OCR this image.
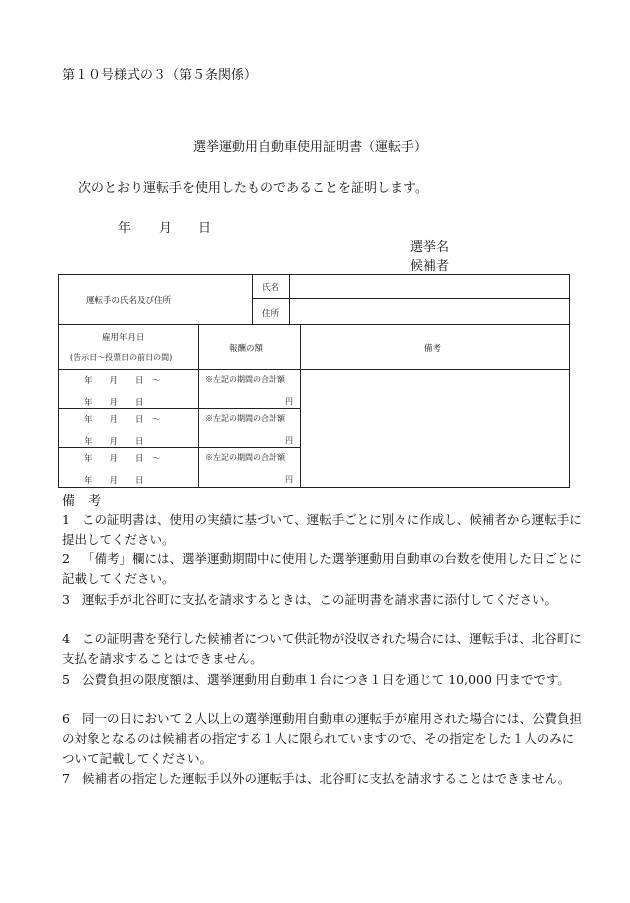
第１０号様式の３（第５条関係）
選挙運動用自動車使用証明書（運転手）
次のとおり運転手を使用したものであることを証明します。
年 月 日
選挙名
候補者
運転手の氏名及び住所
氏名
住所
雇用年月日
(告示日～投票日の前日の間)
報酬の額	備考
年　　月　　日　～
年　　月　　日
※左記の期間の合計額
円
年　　月　　日　～
年　　月　　日
※左記の期間の合計額
円
年　　月　　日　～
年　　月　　日
※左記の期間の合計額
円
備　考
1 この証明書は、使用の実績に基づいて、運転手ごとに別々に作成し、候補者から運転手に提出してください。
2 「備考」欄には、選挙運動期間中に使用した選挙運動用自動車の台数を使用した日ごとに記載してください。
3 運転手が北谷町に支払を請求するときは、この証明書を請求書に添付してください。
4 この証明書を発行した候補者について供託物が没収された場合には、運転手は、北谷町に支払を請求することはできません。
5 公費負担の限度額は、選挙運動用自動車１台につき１日を通じて 10,000 円までです。
6 同一の日において２人以上の選挙運動用自動車の運転手が雇用された場合には、公費負担の対象となるのは候補者の指定する１人に限られていますので、その指定をした１人のみについて記載してください。
7 候補者の指定した運転手以外の運転手は、北谷町に支払を請求することはできません。
